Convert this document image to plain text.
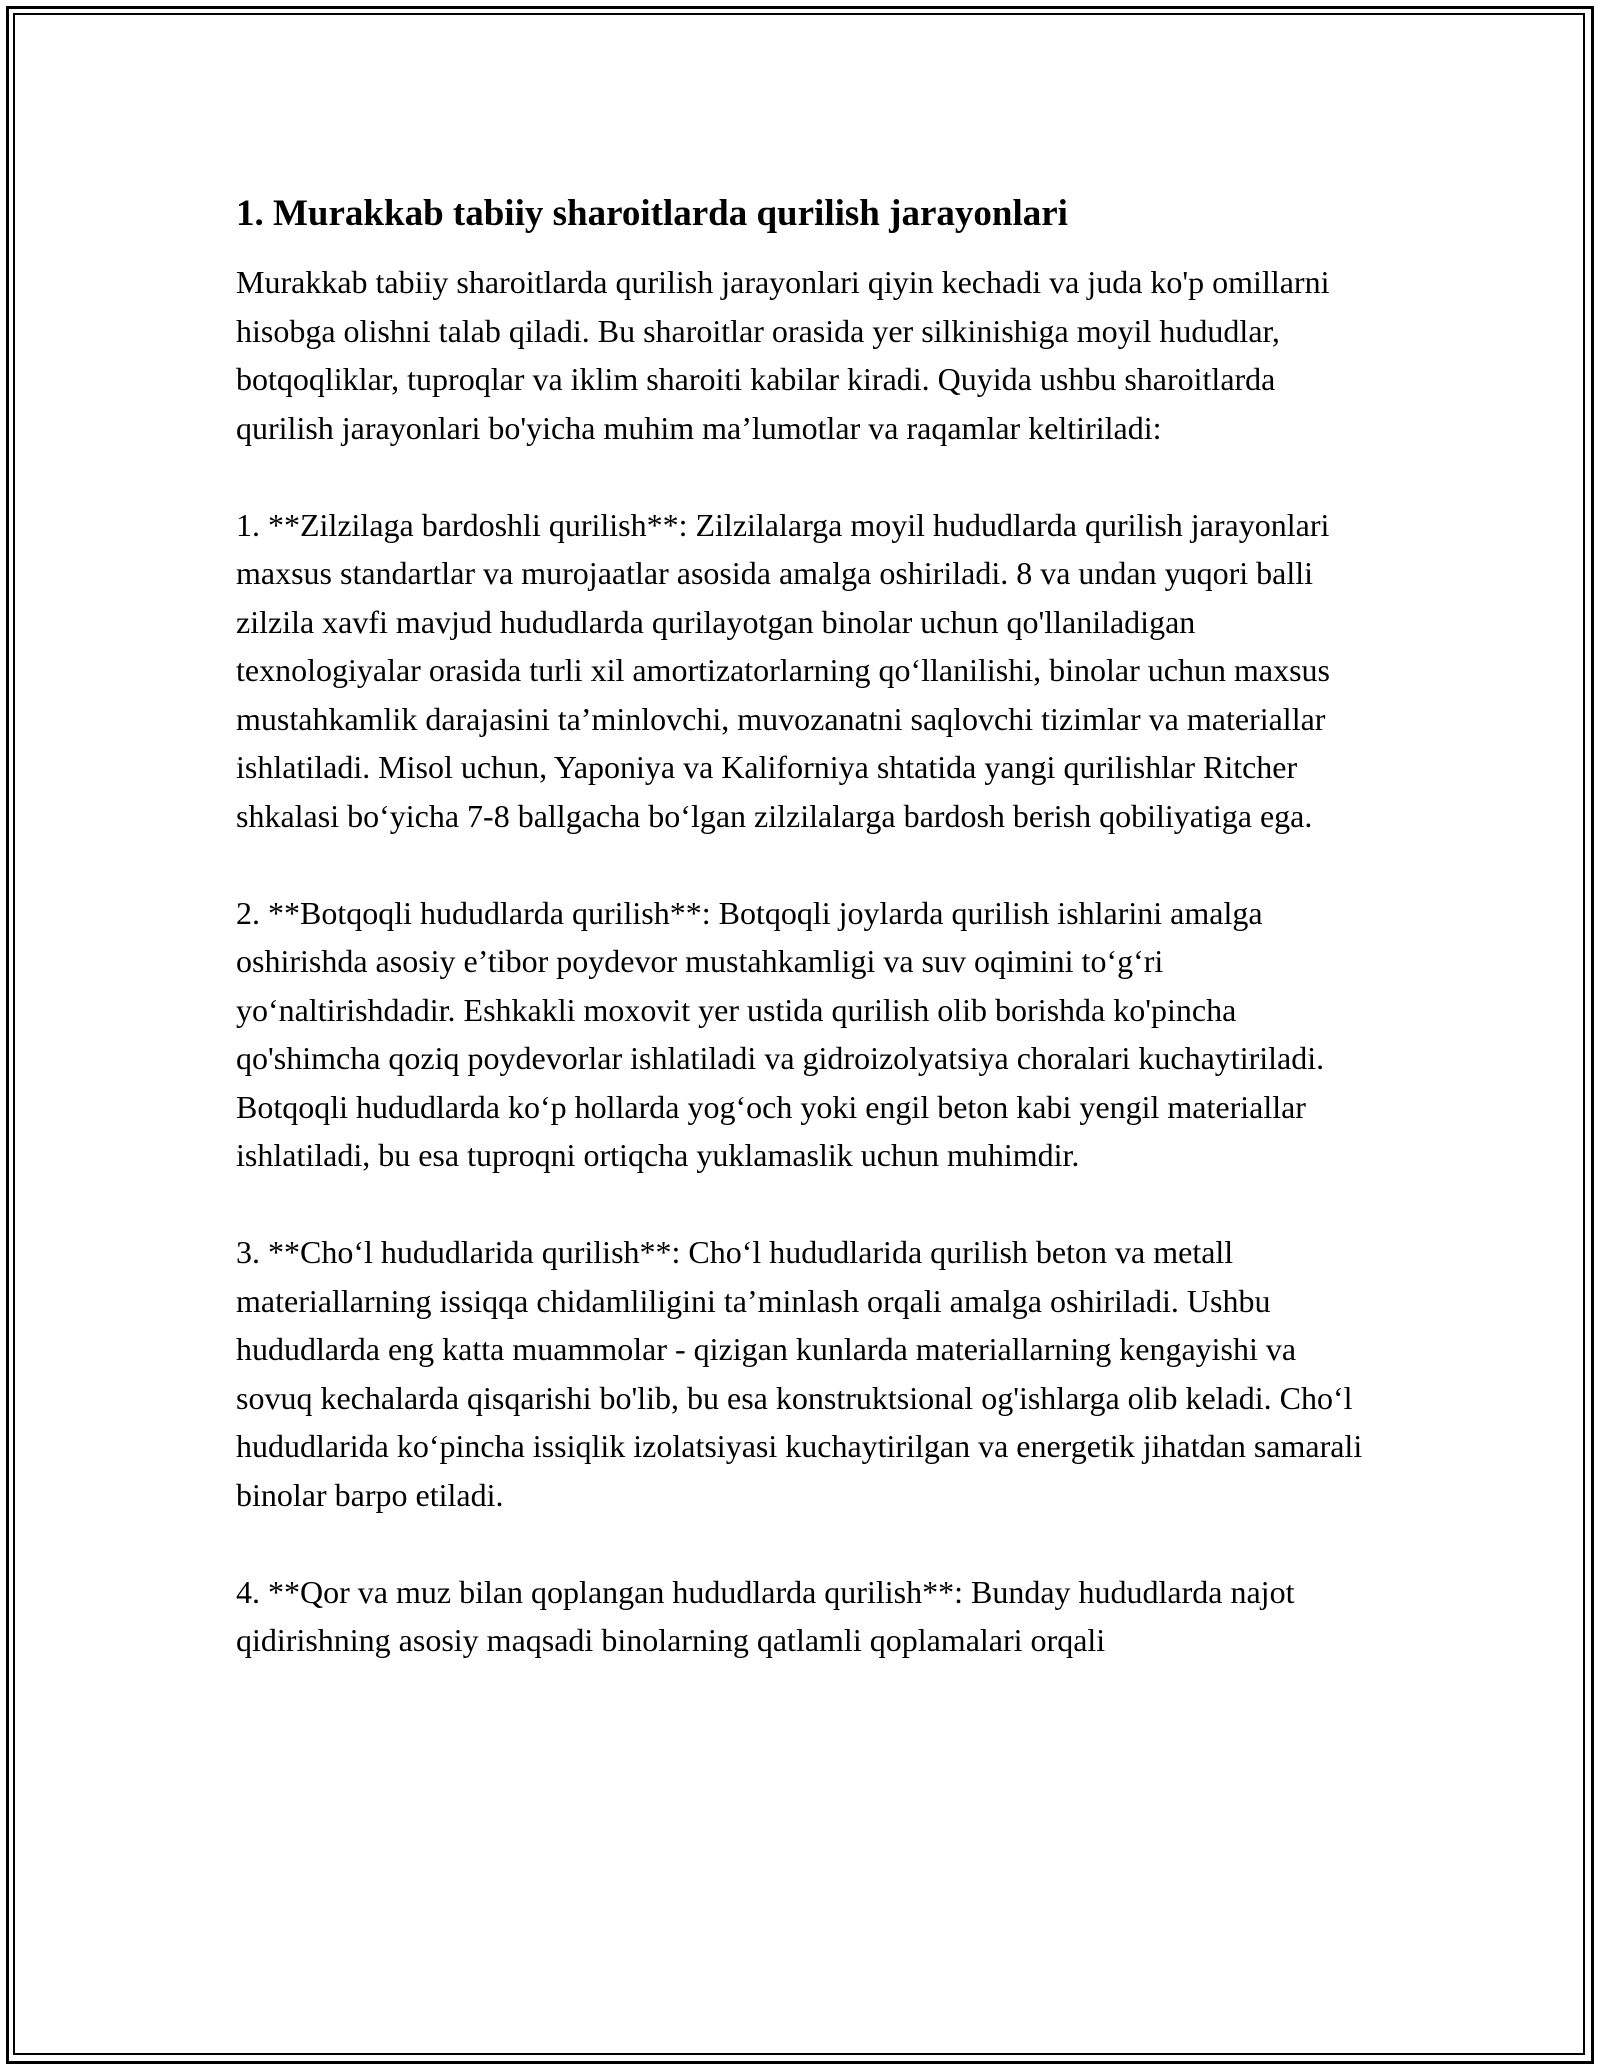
1. Murakkab tabiiy sharoitlarda qurilish jarayonlari

Murakkab tabiiy sharoitlarda qurilish jarayonlari qiyin kechadi va juda ko'p omillarni hisobga olishni talab qiladi. Bu sharoitlar orasida yer silkinishiga moyil hududlar, botqoqliklar, tuproqlar va iklim sharoiti kabilar kiradi. Quyida ushbu sharoitlarda qurilish jarayonlari bo'yicha muhim ma’lumotlar va raqamlar keltiriladi:

1. **Zilzilaga bardoshli qurilish**: Zilzilalarga moyil hududlarda qurilish jarayonlari maxsus standartlar va murojaatlar asosida amalga oshiriladi. 8 va undan yuqori balli zilzila xavfi mavjud hududlarda qurilayotgan binolar uchun qo'llaniladigan texnologiyalar orasida turli xil amortizatorlarning qo‘llanilishi, binolar uchun maxsus mustahkamlik darajasini ta’minlovchi, muvozanatni saqlovchi tizimlar va materiallar ishlatiladi. Misol uchun, Yaponiya va Kaliforniya shtatida yangi qurilishlar Ritcher shkalasi bo‘yicha 7-8 ballgacha bo‘lgan zilzilalarga bardosh berish qobiliyatiga ega.

2. **Botqoqli hududlarda qurilish**: Botqoqli joylarda qurilish ishlarini amalga oshirishda asosiy e’tibor poydevor mustahkamligi va suv oqimini to‘g‘ri yo‘naltirishdadir. Eshkakli moxovit yer ustida qurilish olib borishda ko'pincha qo'shimcha qoziq poydevorlar ishlatiladi va gidroizolyatsiya choralari kuchaytiriladi. Botqoqli hududlarda ko‘p hollarda yog‘och yoki engil beton kabi yengil materiallar ishlatiladi, bu esa tuproqni ortiqcha yuklamaslik uchun muhimdir.

3. **Cho‘l hududlarida qurilish**: Cho‘l hududlarida qurilish beton va metall materiallarning issiqqa chidamliligini ta’minlash orqali amalga oshiriladi. Ushbu hududlarda eng katta muammolar - qizigan kunlarda materiallarning kengayishi va sovuq kechalarda qisqarishi bo'lib, bu esa konstruktsional og'ishlarga olib keladi. Cho‘l hududlarida ko‘pincha issiqlik izolatsiyasi kuchaytirilgan va energetik jihatdan samarali binolar barpo etiladi.

4. **Qor va muz bilan qoplangan hududlarda qurilish**: Bunday hududlarda najot qidirishning asosiy maqsadi binolarning qatlamli qoplamalari orqali
